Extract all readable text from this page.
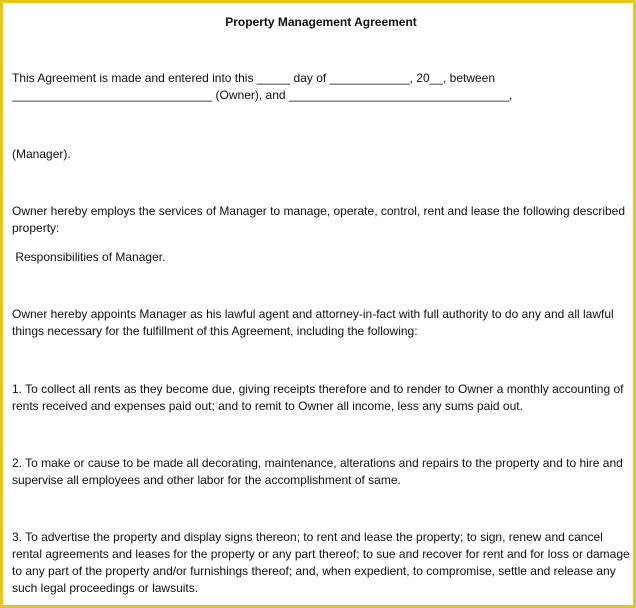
Property Management Agreement

This Agreement is made and entered into this _____ day of ____________, 20__, between
______________________________ (Owner), and _________________________________,

(Manager).

Owner hereby employs the services of Manager to manage, operate, control, rent and lease the following described
property:

Responsibilities of Manager.

Owner hereby appoints Manager as his lawful agent and attorney-in-fact with full authority to do any and all lawful
things necessary for the fulfillment of this Agreement, including the following:

1. To collect all rents as they become due, giving receipts therefore and to render to Owner a monthly accounting of
rents received and expenses paid out; and to remit to Owner all income, less any sums paid out.

2. To make or cause to be made all decorating, maintenance, alterations and repairs to the property and to hire and
supervise all employees and other labor for the accomplishment of same.

3. To advertise the property and display signs thereon; to rent and lease the property; to sign, renew and cancel
rental agreements and leases for the property or any part thereof; to sue and recover for rent and for loss or damage
to any part of the property and/or furnishings thereof; and, when expedient, to compromise, settle and release any
such legal proceedings or lawsuits.
